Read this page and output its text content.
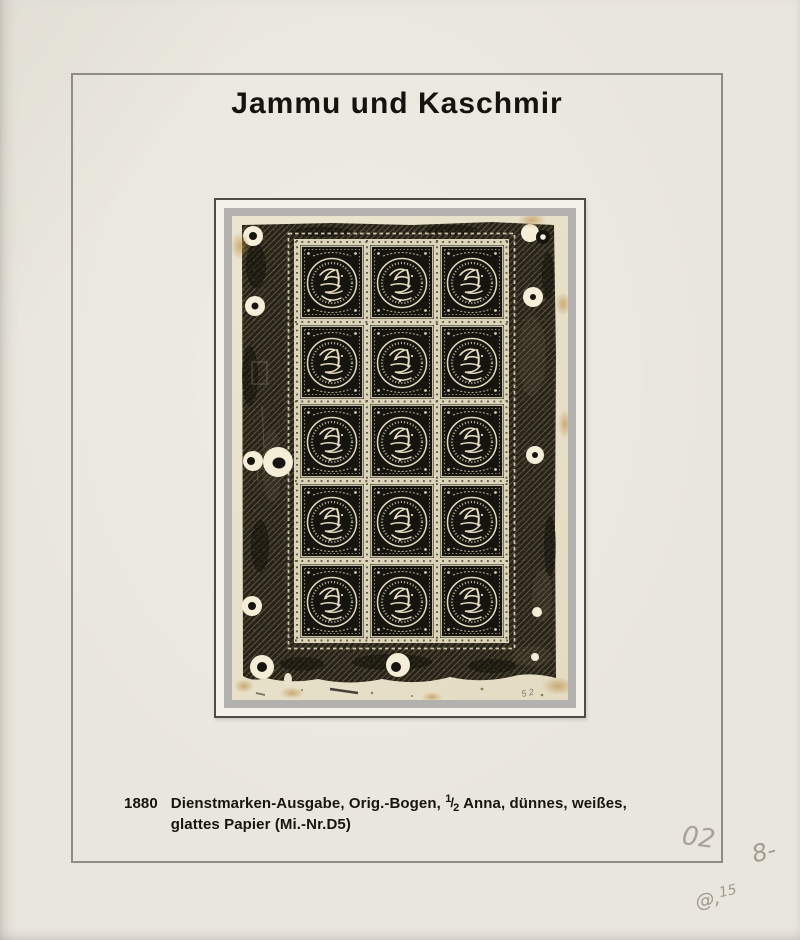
Jammu und Kaschmir
5 2
1880 Dienstmarken-Ausgabe, Orig.-Bogen, $^1/_2$ Anna, dünnes, weißes,
glattes Papier (Mi.-Nr.D5)	02 8-
@,$^{15}$
